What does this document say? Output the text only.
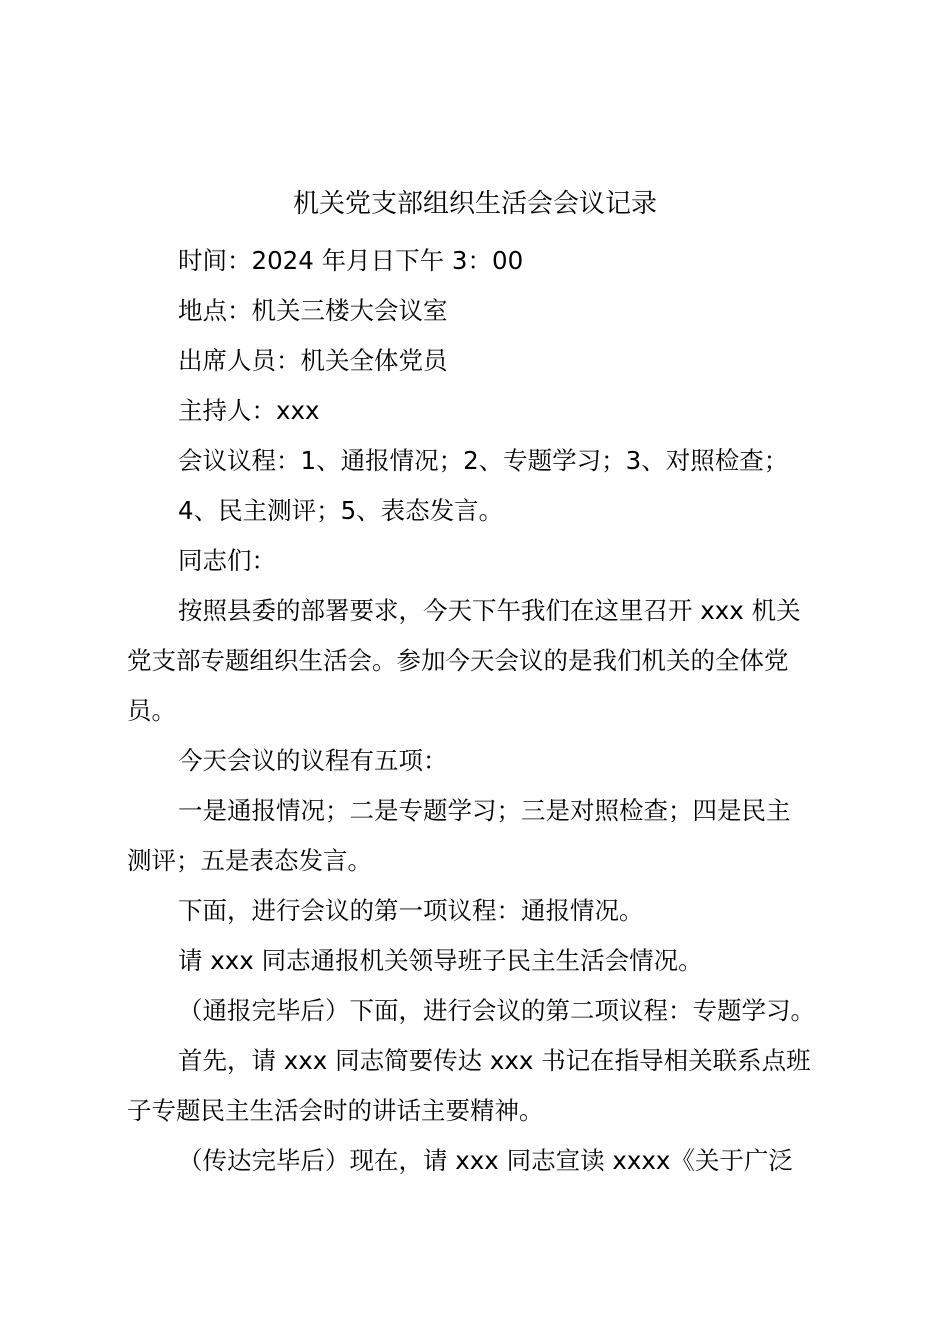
机关党支部组织生活会会议记录
时间：2024 年月日下午 3：00
地点：机关三楼大会议室
出席人员：机关全体党员
主持人：xxx
会议议程：1、通报情况；2、专题学习；3、对照检查；
4、民主测评；5、表态发言。
同志们：
按照县委的部署要求，今天下午我们在这里召开 xxx 机关
党支部专题组织生活会。参加今天会议的是我们机关的全体党
员。
今天会议的议程有五项：
一是通报情况；二是专题学习；三是对照检查；四是民主
测评；五是表态发言。
下面，进行会议的第一项议程：通报情况。
请 xxx 同志通报机关领导班子民主生活会情况。
（通报完毕后）下面，进行会议的第二项议程：专题学习。
首先，请 xxx 同志简要传达 xxx 书记在指导相关联系点班
子专题民主生活会时的讲话主要精神。
（传达完毕后）现在，请 xxx 同志宣读 xxxx《关于广泛
